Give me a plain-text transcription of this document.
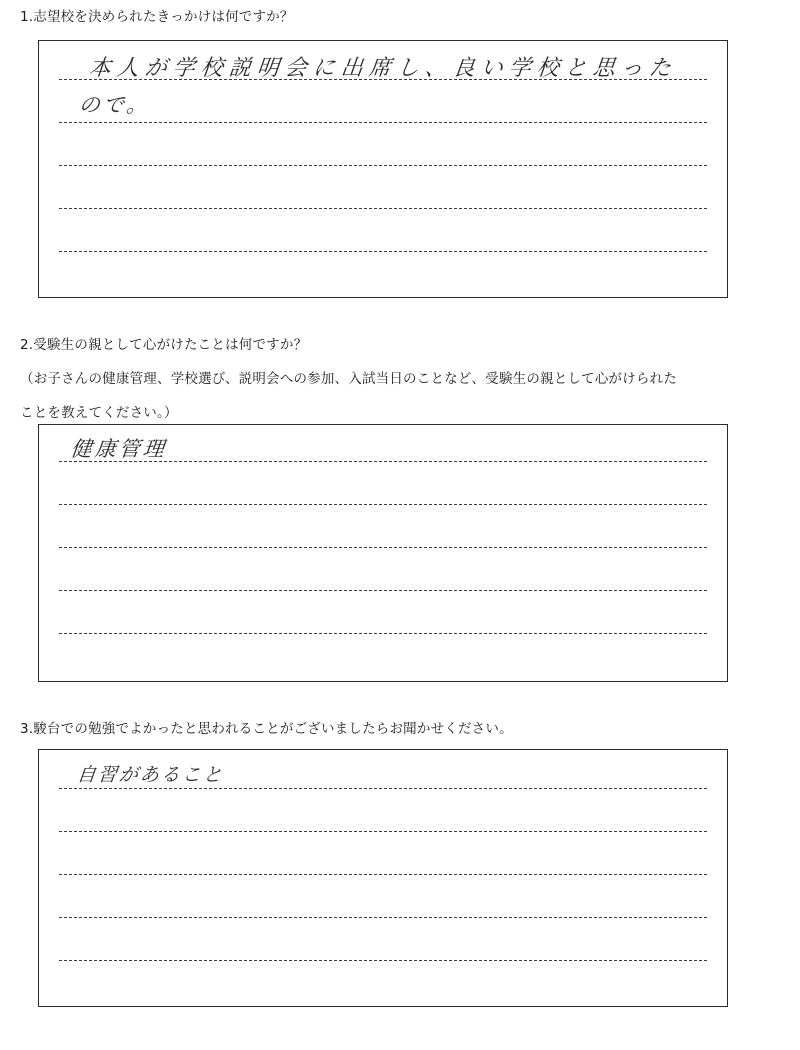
1.志望校を決められたきっかけは何ですか？

本人が学校説明会に出席し、良い学校と思った
ので。

2.受験生の親として心がけたことは何ですか？

（お子さんの健康管理、学校選び、説明会への参加、入試当日のことなど、受験生の親として心がけられた

ことを教えてください。）

健康管理

3.駿台での勉強でよかったと思われることがございましたらお聞かせください。

自習があること
